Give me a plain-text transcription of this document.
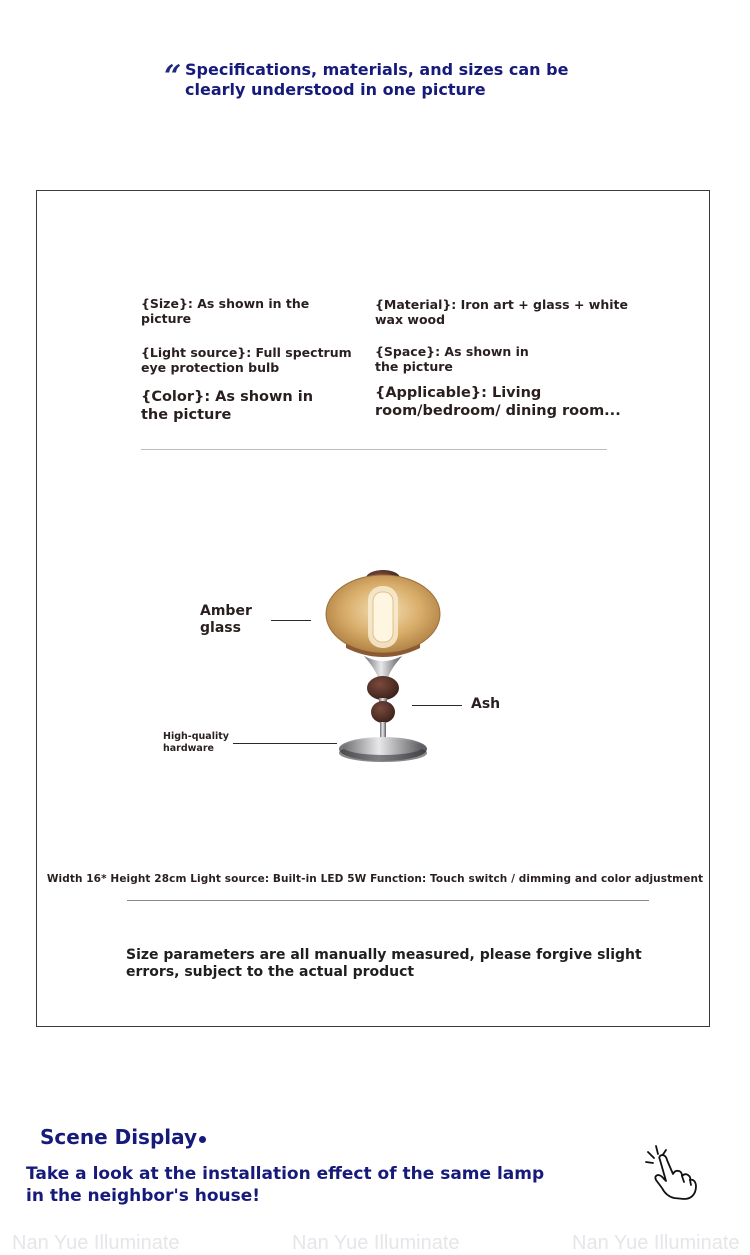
“ Specifications, materials, and sizes can be clearly understood in one picture
{Size}: As shown in the picture
{Material}: Iron art + glass + white wax wood
{Light source}: Full spectrum eye protection bulb
{Space}: As shown in the picture
{Color}: As shown in the picture
{Applicable}: Living room/bedroom/ dining room...
Amber glass
Ash
High-quality hardware
Width 16* Height 28cm Light source: Built-in LED 5W Function: Touch switch / dimming and color adjustment
Size parameters are all manually measured, please forgive slight errors, subject to the actual product
Scene Display
Take a look at the installation effect of the same lamp in the neighbor's house!
Nan Yue Illuminate	Nan Yue Illuminate	Nan Yue Illuminate
